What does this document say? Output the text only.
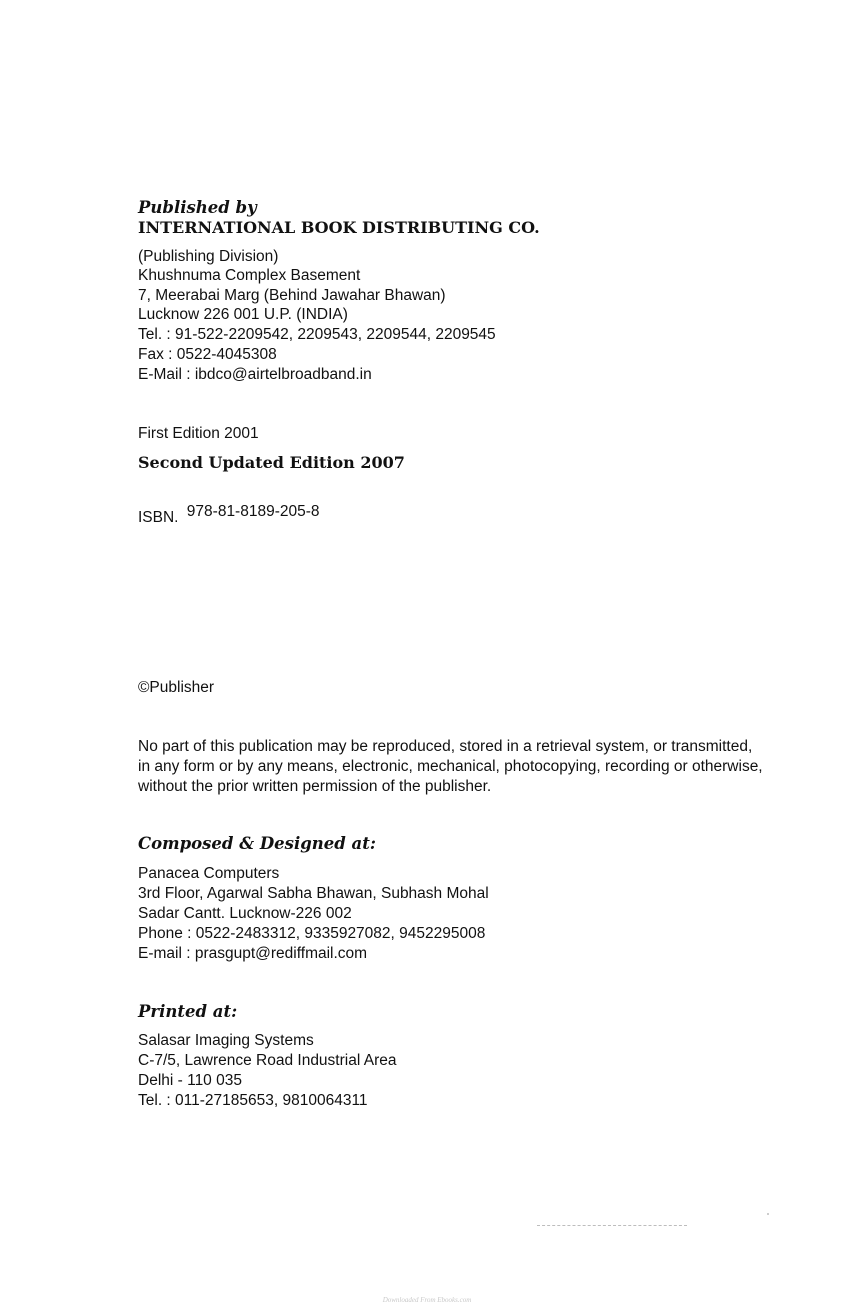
Published by
INTERNATIONAL BOOK DISTRIBUTING CO.
(Publishing Division)
Khushnuma Complex Basement
7, Meerabai Marg (Behind Jawahar Bhawan)
Lucknow 226 001 U.P. (INDIA)
Tel. : 91-522-2209542, 2209543, 2209544, 2209545
Fax : 0522-4045308
E-Mail : ibdco@airtelbroadband.in
First Edition 2001
Second Updated Edition 2007
ISBN. 978-81-8189-205-8
©Publisher
No part of this publication may be reproduced, stored in a retrieval system, or transmitted,
in any form or by any means, electronic, mechanical, photocopying, recording or otherwise,
without the prior written permission of the publisher.
Composed & Designed at:
Panacea Computers
3rd Floor, Agarwal Sabha Bhawan, Subhash Mohal
Sadar Cantt. Lucknow-226 002
Phone : 0522-2483312, 9335927082, 9452295008
E-mail : prasgupt@rediffmail.com
Printed at:
Salasar Imaging Systems
C-7/5, Lawrence Road Industrial Area
Delhi - 110 035
Tel. : 011-27185653, 9810064311
Downloaded From Ebooks.com
